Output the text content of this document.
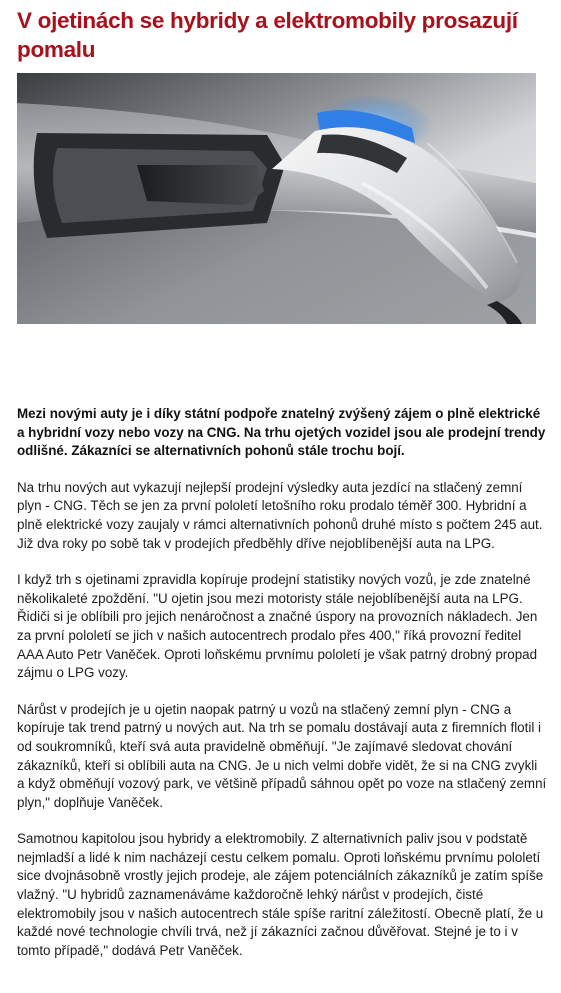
V ojetinách se hybridy a elektromobily prosazují pomalu

Mezi novými auty je i díky státní podpoře znatelný zvýšený zájem o plně elektrické a hybridní vozy nebo vozy na CNG. Na trhu ojetých vozidel jsou ale prodejní trendy odlišné. Zákazníci se alternativních pohonů stále trochu bojí.

Na trhu nových aut vykazují nejlepší prodejní výsledky auta jezdící na stlačený zemní plyn - CNG. Těch se jen za první pololetí letošního roku prodalo téměř 300. Hybridní a plně elektrické vozy zaujaly v rámci alternativních pohonů druhé místo s počtem 245 aut. Již dva roky po sobě tak v prodejích předběhly dříve nejoblíbenější auta na LPG.

I když trh s ojetinami zpravidla kopíruje prodejní statistiky nových vozů, je zde znatelné několikaleté zpoždění. "U ojetin jsou mezi motoristy stále nejoblíbenější auta na LPG. Řidiči si je oblíbili pro jejich nenáročnost a značné úspory na provozních nákladech. Jen za první pololetí se jich v našich autocentrech prodalo přes 400," říká provozní ředitel AAA Auto Petr Vaněček. Oproti loňskému prvnímu pololetí je však patrný drobný propad zájmu o LPG vozy.

Nárůst v prodejích je u ojetin naopak patrný u vozů na stlačený zemní plyn - CNG a kopíruje tak trend patrný u nových aut. Na trh se pomalu dostávají auta z firemních flotil i od soukromníků, kteří svá auta pravidelně obměňují. "Je zajímavé sledovat chování zákazníků, kteří si oblíbili auta na CNG. Je u nich velmi dobře vidět, že si na CNG zvykli a když obměňují vozový park, ve většině případů sáhnou opět po voze na stlačený zemní plyn," doplňuje Vaněček.

Samotnou kapitolou jsou hybridy a elektromobily. Z alternativních paliv jsou v podstatě nejmladší a lidé k nim nacházejí cestu celkem pomalu. Oproti loňskému prvnímu pololetí sice dvojnásobně vrostly jejich prodeje, ale zájem potenciálních zákazníků je zatím spíše vlažný. "U hybridů zaznamenáváme každoročně lehký nárůst v prodejích, čisté elektromobily jsou v našich autocentrech stále spíše raritní záležitostí. Obecně platí, že u každé nové technologie chvíli trvá, než jí zákazníci začnou důvěřovat. Stejné je to i v tomto případě," dodává Petr Vaněček.
